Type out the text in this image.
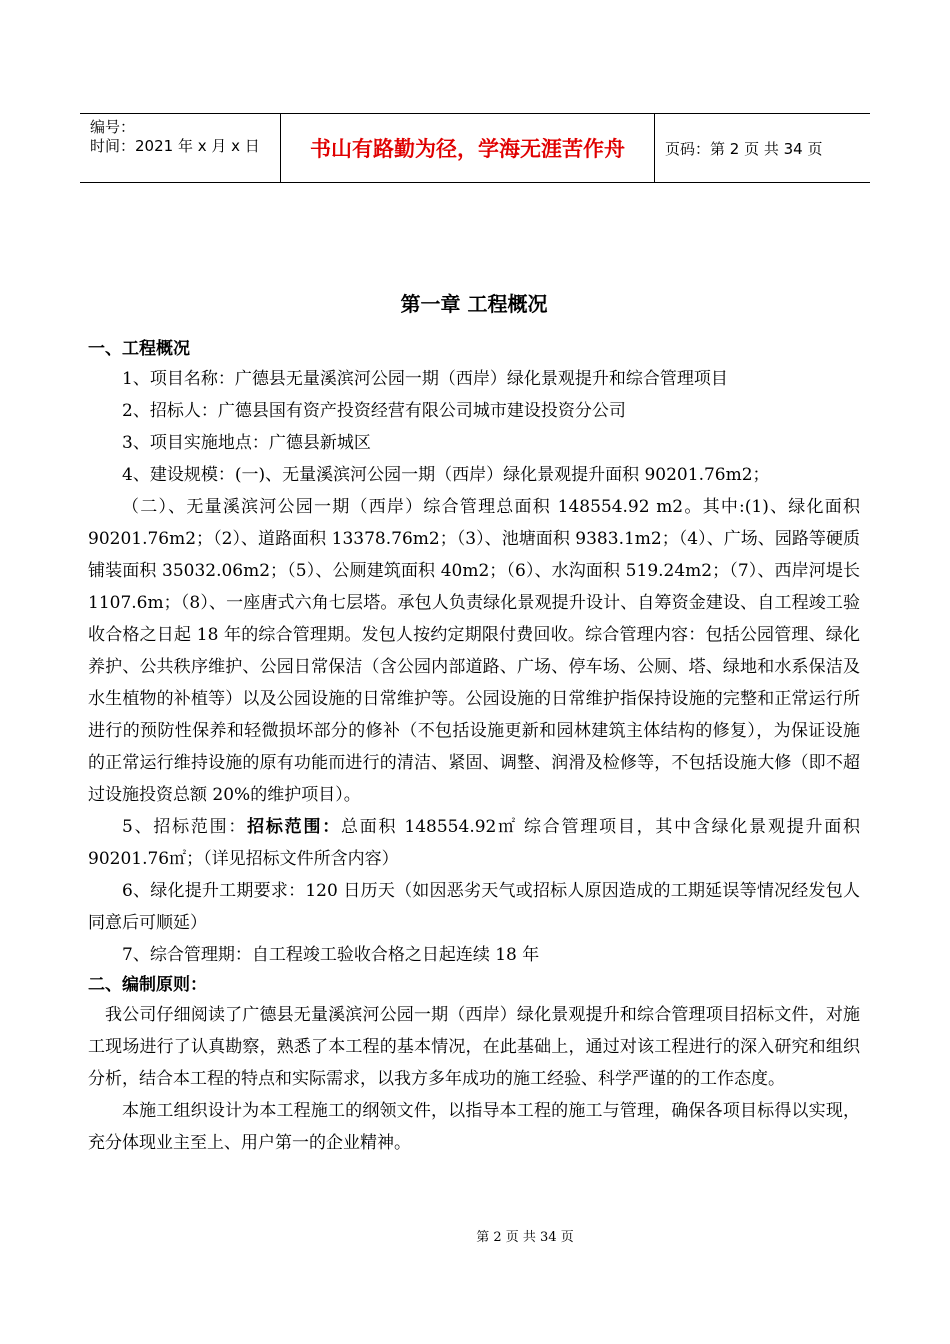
编号：
时间：2021 年 x 月 x 日	书山有路勤为径，学海无涯苦作舟	页码：第 2 页 共 34 页
第一章 工程概况
一、工程概况

1、项目名称：广德县无量溪滨河公园一期（西岸）绿化景观提升和综合管理项目

2、招标人：广德县国有资产投资经营有限公司城市建设投资分公司

3、项目实施地点：广德县新城区

4、建设规模：(一)、无量溪滨河公园一期（西岸）绿化景观提升面积 90201.76m2；

（二）、无量溪滨河公园一期（西岸）综合管理总面积 148554.92 m2。其中:(1)、绿化面积 90201.76m2；（2）、道路面积 13378.76m2；（3）、池塘面积 9383.1m2；（4）、广场、园路等硬质铺装面积 35032.06m2；（5）、公厕建筑面积 40m2；（6）、水沟面积 519.24m2；（7）、西岸河堤长 1107.6m；（8）、一座唐式六角七层塔。承包人负责绿化景观提升设计、自筹资金建设、自工程竣工验收合格之日起 18 年的综合管理期。发包人按约定期限付费回收。综合管理内容：包括公园管理、绿化养护、公共秩序维护、公园日常保洁（含公园内部道路、广场、停车场、公厕、塔、绿地和水系保洁及水生植物的补植等）以及公园设施的日常维护等。公园设施的日常维护指保持设施的完整和正常运行所进行的预防性保养和轻微损坏部分的修补（不包括设施更新和园林建筑主体结构的修复），为保证设施的正常运行维持设施的原有功能而进行的清洁、紧固、调整、润滑及检修等，不包括设施大修（即不超过设施投资总额 20%的维护项目）。

5、招标范围：招标范围：总面积 148554.92㎡ 综合管理项目，其中含绿化景观提升面积 90201.76㎡；（详见招标文件所含内容）

6、绿化提升工期要求：120 日历天（如因恶劣天气或招标人原因造成的工期延误等情况经发包人同意后可顺延）

7、综合管理期：自工程竣工验收合格之日起连续 18 年

二、编制原则：

我公司仔细阅读了广德县无量溪滨河公园一期（西岸）绿化景观提升和综合管理项目招标文件，对施工现场进行了认真勘察，熟悉了本工程的基本情况，在此基础上，通过对该工程进行的深入研究和组织分析，结合本工程的特点和实际需求，以我方多年成功的施工经验、科学严谨的的工作态度。

本施工组织设计为本工程施工的纲领文件，以指导本工程的施工与管理，确保各项目标得以实现，充分体现业主至上、用户第一的企业精神。

第 2 页 共 34 页
